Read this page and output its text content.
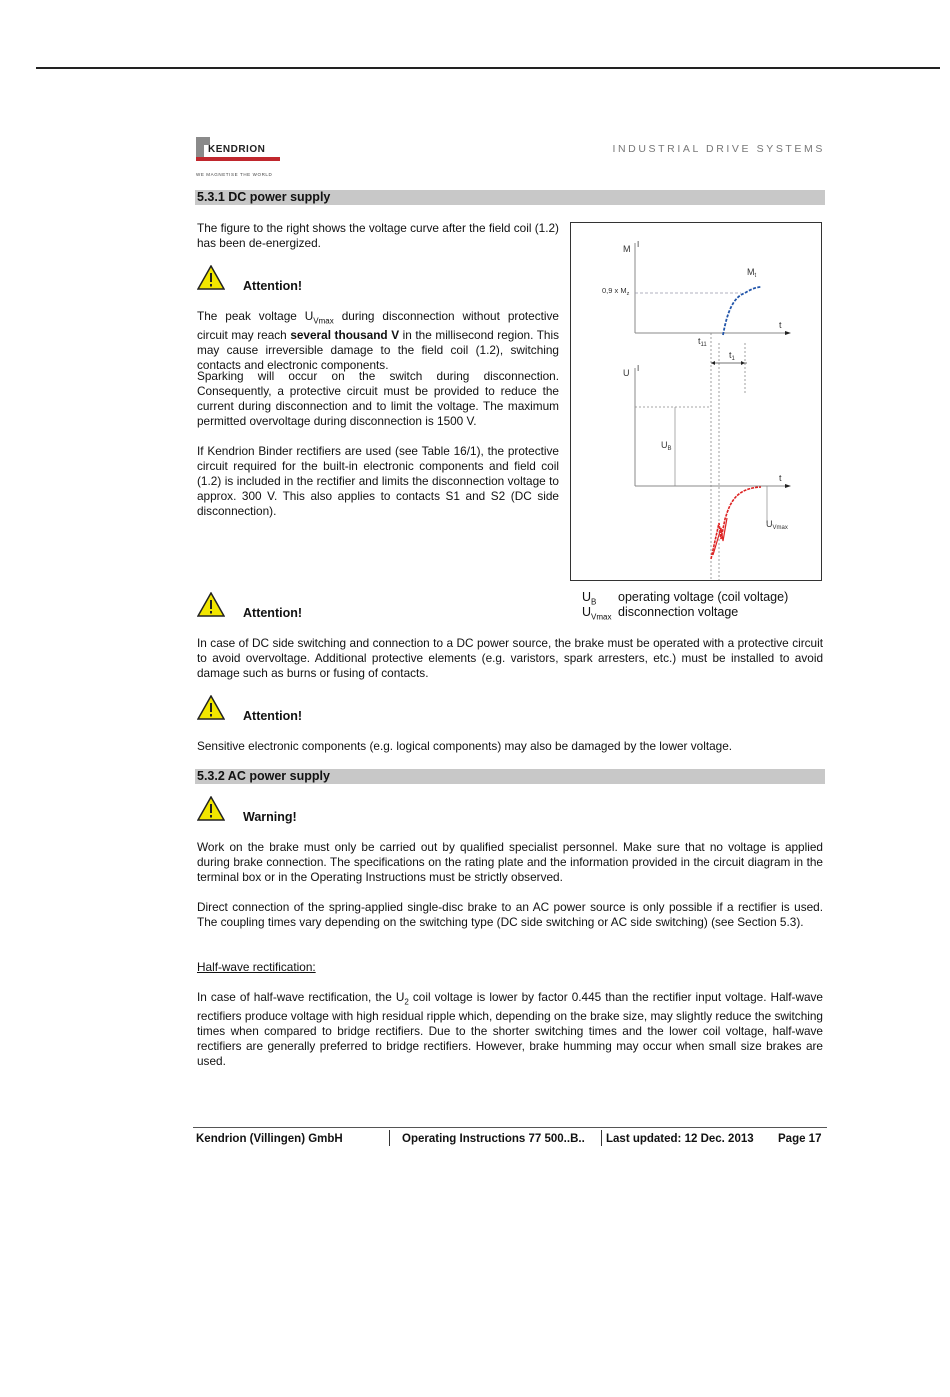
KENDRION
WE MAGNETISE THE WORLD
INDUSTRIAL DRIVE SYSTEMS
5.3.1 DC power supply
The figure to the right shows the voltage curve after the field coil (1.2) has been de-energized.
Attention!
The peak voltage $U_{Vmax}$ during disconnection without protective circuit may reach several thousand V in the millisecond region. This may cause irreversible damage to the field coil (1.2), switching contacts and electronic components.
Sparking will occur on the switch during disconnection. Consequently, a protective circuit must be provided to reduce the current during disconnection and to limit the voltage. The maximum permitted overvoltage during disconnection is 1500 V.
If Kendrion Binder rectifiers are used (see Table 16/1), the protective circuit required for the built-in electronic components and field coil (1.2) is included in the rectifier and limits the disconnection voltage to approx. 300 V. This also applies to contacts S1 and S2 (DC side disconnection).
M I
t
0,9 x $M_z$
$M_t$
$t_{11}$
$t_1$
U I
t
$U_B$
$U_{Vmax}$
$U_B$ operating voltage (coil voltage)
$U_{Vmax}$ disconnection voltage
Attention!
In case of DC side switching and connection to a DC power source, the brake must be operated with a protective circuit to avoid overvoltage. Additional protective elements (e.g. varistors, spark arresters, etc.) must be installed to avoid damage such as burns or fusing of contacts.
Attention!
Sensitive electronic components (e.g. logical components) may also be damaged by the lower voltage.
5.3.2 AC power supply
Warning!
Work on the brake must only be carried out by qualified specialist personnel. Make sure that no voltage is applied during brake connection. The specifications on the rating plate and the information provided in the circuit diagram in the terminal box or in the Operating Instructions must be strictly observed.
Direct connection of the spring-applied single-disc brake to an AC power source is only possible if a rectifier is used. The coupling times vary depending on the switching type (DC side switching or AC side switching) (see Section 5.3).
Half-wave rectification:
In case of half-wave rectification, the $U_2$ coil voltage is lower by factor 0.445 than the rectifier input voltage. Half-wave rectifiers produce voltage with high residual ripple which, depending on the brake size, may slightly reduce the switching times when compared to bridge rectifiers. Due to the shorter switching times and the lower coil voltage, half-wave rectifiers are generally preferred to bridge rectifiers. However, brake humming may occur when small size brakes are used.
Kendrion (Villingen) GmbH	Operating Instructions 77 500..B.. Last updated: 12 Dec. 2013 Page 17
